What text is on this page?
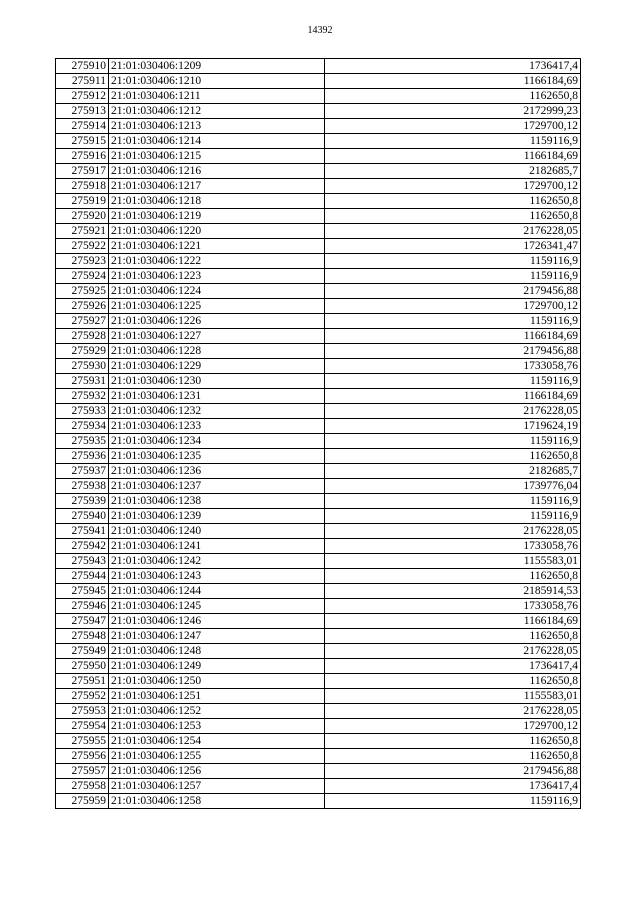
14392
275910	21:01:030406:1209	1736417,4
275911	21:01:030406:1210	1166184,69
275912	21:01:030406:1211	1162650,8
275913	21:01:030406:1212	2172999,23
275914	21:01:030406:1213	1729700,12
275915	21:01:030406:1214	1159116,9
275916	21:01:030406:1215	1166184,69
275917	21:01:030406:1216	2182685,7
275918	21:01:030406:1217	1729700,12
275919	21:01:030406:1218	1162650,8
275920	21:01:030406:1219	1162650,8
275921	21:01:030406:1220	2176228,05
275922	21:01:030406:1221	1726341,47
275923	21:01:030406:1222	1159116,9
275924	21:01:030406:1223	1159116,9
275925	21:01:030406:1224	2179456,88
275926	21:01:030406:1225	1729700,12
275927	21:01:030406:1226	1159116,9
275928	21:01:030406:1227	1166184,69
275929	21:01:030406:1228	2179456,88
275930	21:01:030406:1229	1733058,76
275931	21:01:030406:1230	1159116,9
275932	21:01:030406:1231	1166184,69
275933	21:01:030406:1232	2176228,05
275934	21:01:030406:1233	1719624,19
275935	21:01:030406:1234	1159116,9
275936	21:01:030406:1235	1162650,8
275937	21:01:030406:1236	2182685,7
275938	21:01:030406:1237	1739776,04
275939	21:01:030406:1238	1159116,9
275940	21:01:030406:1239	1159116,9
275941	21:01:030406:1240	2176228,05
275942	21:01:030406:1241	1733058,76
275943	21:01:030406:1242	1155583,01
275944	21:01:030406:1243	1162650,8
275945	21:01:030406:1244	2185914,53
275946	21:01:030406:1245	1733058,76
275947	21:01:030406:1246	1166184,69
275948	21:01:030406:1247	1162650,8
275949	21:01:030406:1248	2176228,05
275950	21:01:030406:1249	1736417,4
275951	21:01:030406:1250	1162650,8
275952	21:01:030406:1251	1155583,01
275953	21:01:030406:1252	2176228,05
275954	21:01:030406:1253	1729700,12
275955	21:01:030406:1254	1162650,8
275956	21:01:030406:1255	1162650,8
275957	21:01:030406:1256	2179456,88
275958	21:01:030406:1257	1736417,4
275959	21:01:030406:1258	1159116,9
